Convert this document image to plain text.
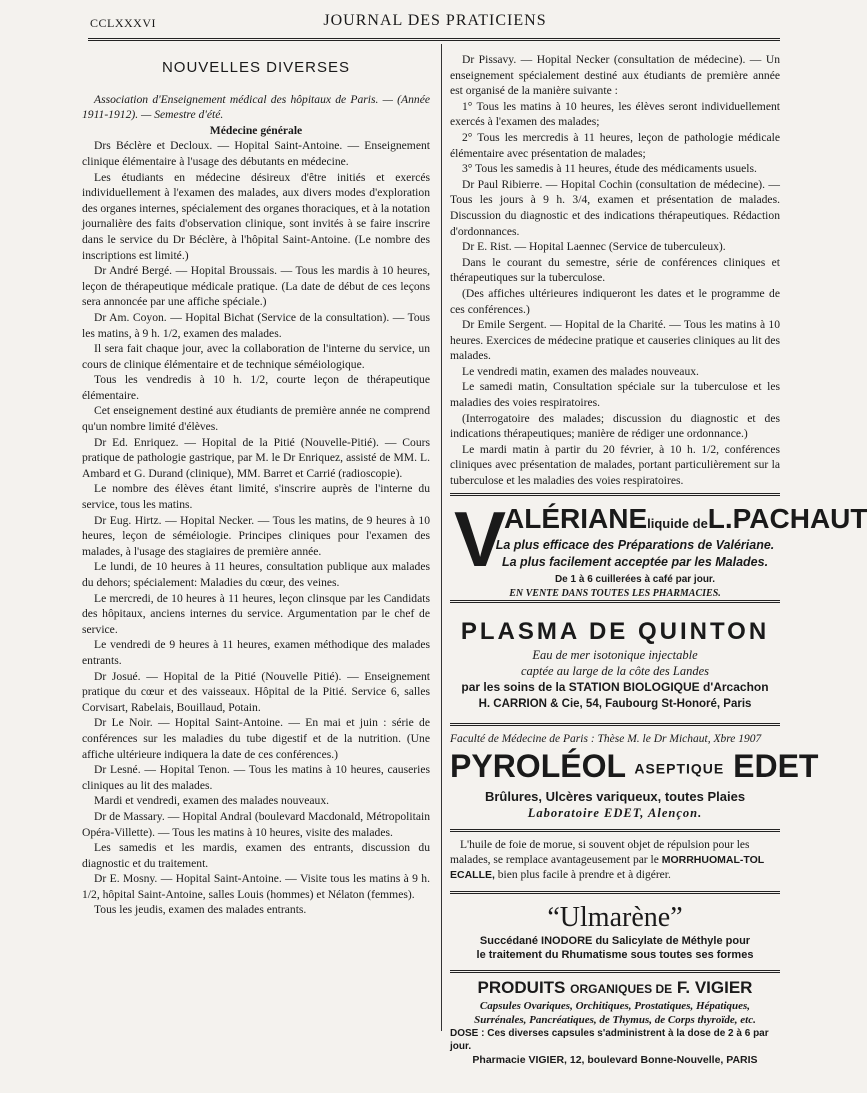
CCLXXXVI	JOURNAL DES PRATICIENS

NOUVELLES DIVERSES

Association d'Enseignement médical des hôpitaux de Paris. — (Année 1911-1912). — Semestre d'été.

Médecine générale

Drs Béclère et Decloux. — Hopital Saint-Antoine. — Enseignement clinique élémentaire à l'usage des débutants en médecine.

Les étudiants en médecine désireux d'être initiés et exercés individuellement à l'examen des malades, aux divers modes d'exploration des organes internes, spécialement des organes thoraciques, et à la notation journalière des faits d'observation clinique, sont invités à se faire inscrire dans le service du Dr Béclère, à l'hôpital Saint-Antoine. (Le nombre des inscriptions est limité.)

Dr André Bergé. — Hopital Broussais. — Tous les mardis à 10 heures, leçon de thérapeutique médicale pratique. (La date de début de ces leçons sera annoncée par une affiche spéciale.)

Dr Am. Coyon. — Hopital Bichat (Service de la consultation). — Tous les matins, à 9 h. 1/2, examen des malades.

Il sera fait chaque jour, avec la collaboration de l'interne du service, un cours de clinique élémentaire et de technique séméiologique.

Tous les vendredis à 10 h. 1/2, courte leçon de thérapeutique élémentaire.

Cet enseignement destiné aux étudiants de première année ne comprend qu'un nombre limité d'élèves.

Dr Ed. Enriquez. — Hopital de la Pitié (Nouvelle-Pitié). — Cours pratique de pathologie gastrique, par M. le Dr Enriquez, assisté de MM. L. Ambard et G. Durand (clinique), MM. Barret et Carrié (radioscopie).

Le nombre des élèves étant limité, s'inscrire auprès de l'interne du service, tous les matins.

Dr Eug. Hirtz. — Hopital Necker. — Tous les matins, de 9 heures à 10 heures, leçon de séméiologie. Principes cliniques pour l'examen des malades, à l'usage des stagiaires de première année.

Le lundi, de 10 heures à 11 heures, consultation publique aux malades du dehors; spécialement: Maladies du cœur, des veines.

Le mercredi, de 10 heures à 11 heures, leçon clinsque par les Candidats des hôpitaux, anciens internes du service. Argumentation par le chef de service.

Le vendredi de 9 heures à 11 heures, examen méthodique des malades entrants.

Dr Josué. — Hopital de la Pitié (Nouvelle Pitié). — Enseignement pratique du cœur et des vaisseaux. Hôpital de la Pitié. Service 6, salles Corvisart, Rabelais, Bouillaud, Potain.

Dr Le Noir. — Hopital Saint-Antoine. — En mai et juin : série de conférences sur les maladies du tube digestif et de la nutrition. (Une affiche ultérieure indiquera la date de ces conférences.)

Dr Lesné. — Hopital Tenon. — Tous les matins à 10 heures, causeries cliniques au lit des malades.

Mardi et vendredi, examen des malades nouveaux.

Dr de Massary. — Hopital Andral (boulevard Macdonald, Métropolitain Opéra-Villette). — Tous les matins à 10 heures, visite des malades.

Les samedis et les mardis, examen des entrants, discussion du diagnostic et du traitement.

Dr E. Mosny. — Hopital Saint-Antoine. — Visite tous les matins à 9 h. 1/2, hôpital Saint-Antoine, salles Louis (hommes) et Nélaton (femmes).

Tous les jeudis, examen des malades entrants.

Dr Pissavy. — Hopital Necker (consultation de médecine). — Un enseignement spécialement destiné aux étudiants de première année est organisé de la manière suivante :

1° Tous les matins à 10 heures, les élèves seront individuellement exercés à l'examen des malades;

2° Tous les mercredis à 11 heures, leçon de pathologie médicale élémentaire avec présentation de malades;

3° Tous les samedis à 11 heures, étude des médicaments usuels.

Dr Paul Ribierre. — Hopital Cochin (consultation de médecine). — Tous les jours à 9 h. 3/4, examen et présentation de malades. Discussion du diagnostic et des indications thérapeutiques. Rédaction d'ordonnances.

Dr E. Rist. — Hopital Laennec (Service de tuberculeux).

Dans le courant du semestre, série de conférences cliniques et thérapeutiques sur la tuberculose.

(Des affiches ultérieures indiqueront les dates et le programme de ces conférences.)

Dr Emile Sergent. — Hopital de la Charité. — Tous les matins à 10 heures. Exercices de médecine pratique et causeries cliniques au lit des malades.

Le vendredi matin, examen des malades nouveaux.

Le samedi matin, Consultation spéciale sur la tuberculose et les maladies des voies respiratoires.

(Interrogatoire des malades; discussion du diagnostic et des indications thérapeutiques; manière de rédiger une ordonnance.)

Le mardi matin à partir du 20 février, à 10 h. 1/2, conférences cliniques avec présentation de malades, portant particulièrement sur la tuberculose et les maladies des voies respiratoires.

V
ALÉRIANEliquide deL.PACHAUT
La plus efficace des Préparations de Valériane.
La plus facilement acceptée par les Malades.
De 1 à 6 cuillerées à café par jour.
EN VENTE DANS TOUTES LES PHARMACIES.
PLASMA DE QUINTON
Eau de mer isotonique injectable
captée au large de la côte des Landes
par les soins de la STATION BIOLOGIQUE d'Arcachon
H. CARRION & Cie, 54, Faubourg St-Honoré, Paris
Faculté de Médecine de Paris : Thèse M. le Dr Michaut, Xbre 1907
PYROLÉOL ASEPTIQUE EDET
Brûlures, Ulcères variqueux, toutes Plaies
Laboratoire EDET, Alençon.
L'huile de foie de morue, si souvent objet de répulsion pour les malades, se remplace avantageusement par le MORRHUOMAL-TOL ECALLE, bien plus facile à prendre et à digérer.
“Ulmarène”
Succédané INODORE du Salicylate de Méthyle pour
le traitement du Rhumatisme sous toutes ses formes
PRODUITS ORGANIQUES DE F. VIGIER
Capsules Ovariques, Orchitiques, Prostatiques, Hépatiques,
Surrénales, Pancréatiques, de Thymus, de Corps thyroïde, etc.
DOSE : Ces diverses capsules s'administrent à la dose de 2 à 6 par jour.
Pharmacie VIGIER, 12, boulevard Bonne-Nouvelle, PARIS
